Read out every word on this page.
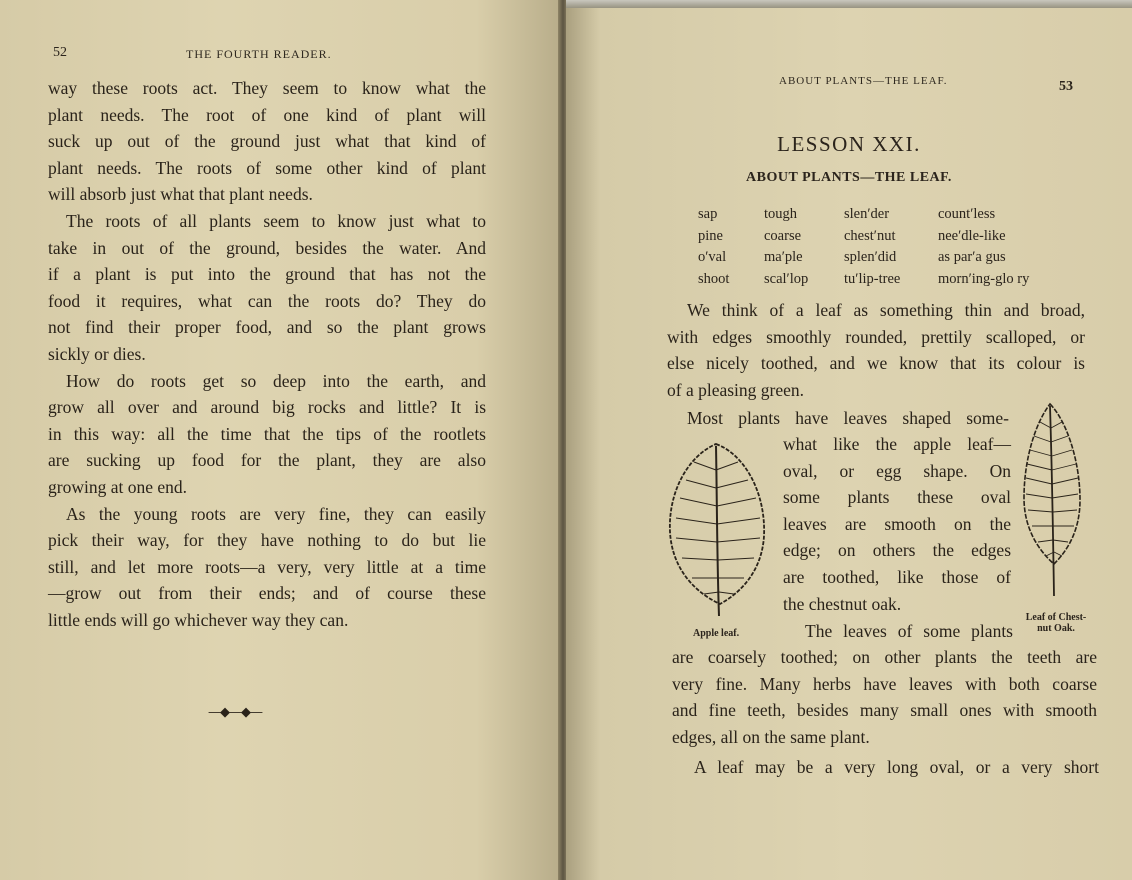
52	THE FOURTH READER.
way these roots act. They seem to know what the
plant needs. The root of one kind of plant will
suck up out of the ground just what that kind of
plant needs. The roots of some other kind of plant
will absorb just what that plant needs.
The roots of all plants seem to know just what to
take in out of the ground, besides the water. And
if a plant is put into the ground that has not the
food it requires, what can the roots do? They do
not find their proper food, and so the plant grows
sickly or dies.
How do roots get so deep into the earth, and
grow all over and around big rocks and little? It is
in this way: all the time that the tips of the rootlets
are sucking up food for the plant, they are also
growing at one end.
As the young roots are very fine, they can easily
pick their way, for they have nothing to do but lie
still, and let more roots—a very, very little at a time
—grow out from their ends; and of course these
little ends will go whichever way they can.
—◆—◆—
ABOUT PLANTS—THE LEAF.	53
LESSON XXI.
ABOUT PLANTS—THE LEAF.
sap	tough	slen′der	count′less
pine	coarse	chest′nut	nee′dle-like
o′val	ma′ple	splen′did	as par′a gus
shoot	scal′lop	tu′lip-tree	morn′ing-glo ry
We think of a leaf as something thin and broad,
with edges smoothly rounded, prettily scalloped, or
else nicely toothed, and we know that its colour is
of a pleasing green.
Most plants have leaves shaped some-
what like the apple leaf—
oval, or egg shape. On
some plants these oval
leaves are smooth on the
edge; on others the edges
are toothed, like those of
the chestnut oak.
The leaves of some plants
are coarsely toothed; on other plants the teeth are
very fine. Many herbs have leaves with both coarse
and fine teeth, besides many small ones with smooth
edges, all on the same plant.
A leaf may be a very long oval, or a very short
Apple leaf.
Leaf of Chest-
nut Oak.
